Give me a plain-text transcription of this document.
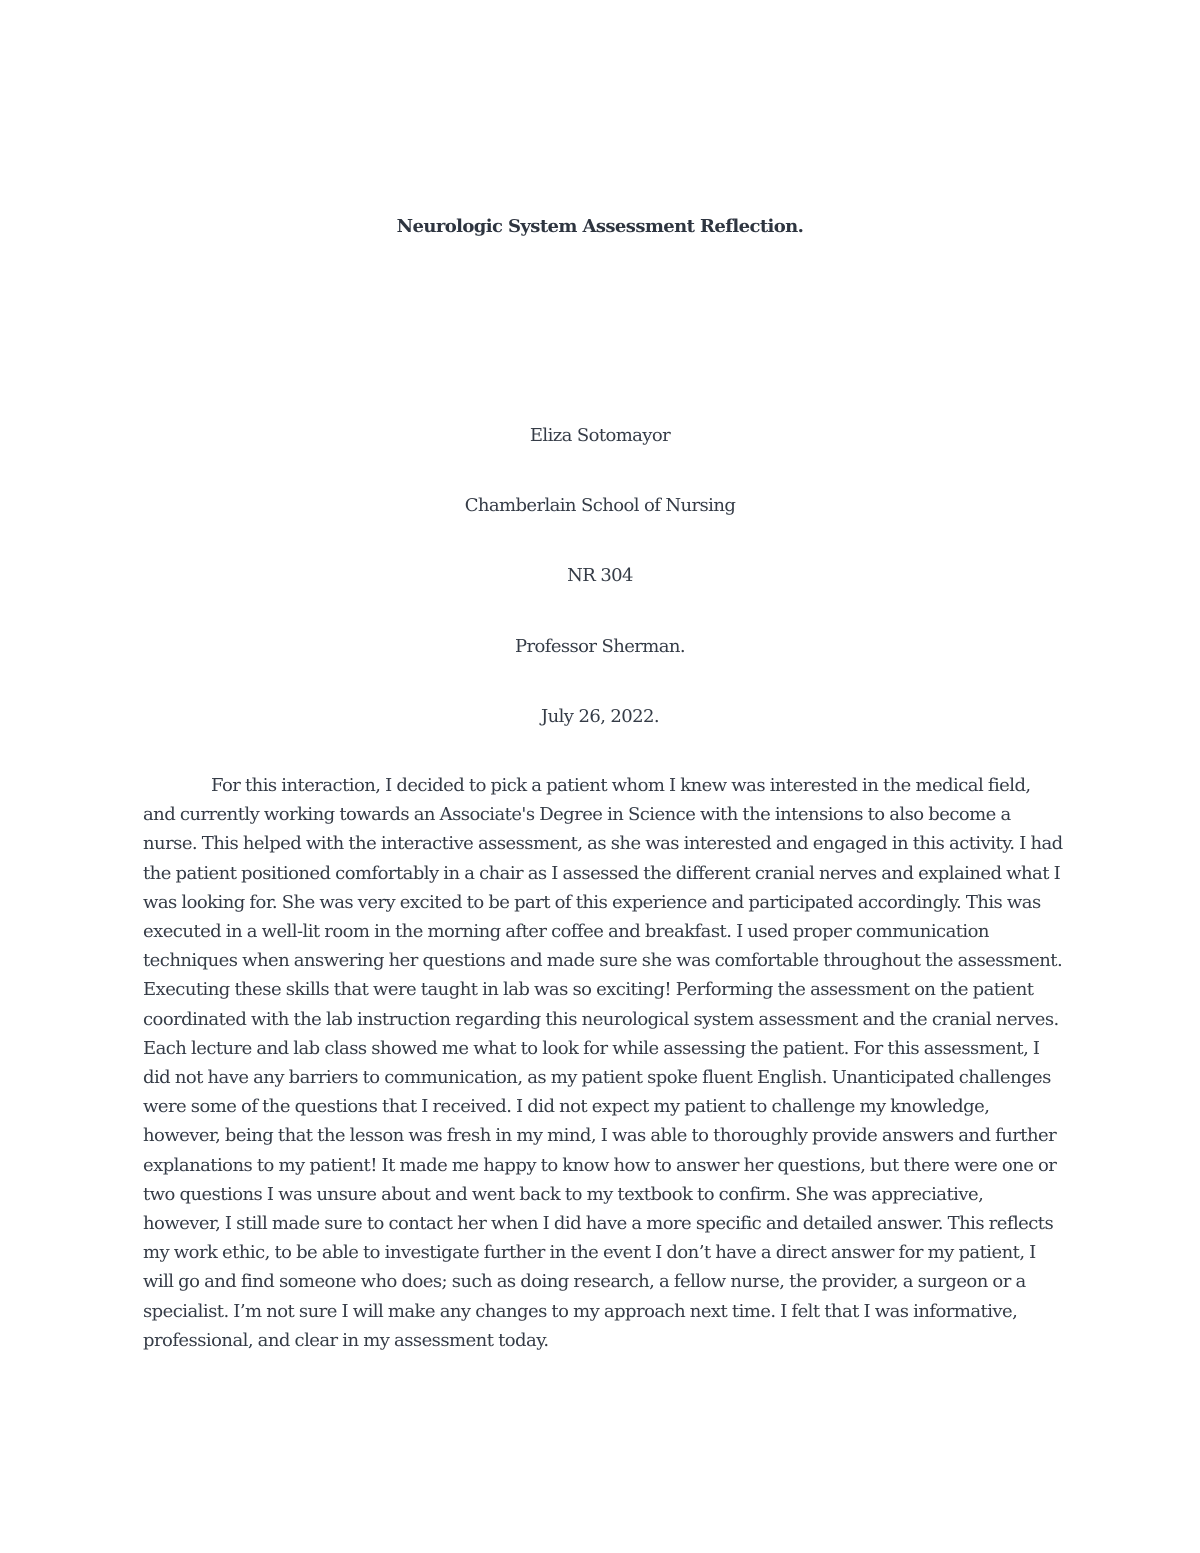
Neurologic System Assessment Reflection.

Eliza Sotomayor

Chamberlain School of Nursing

NR 304

Professor Sherman.

July 26, 2022.

For this interaction, I decided to pick a patient whom I knew was interested in the medical field, and currently working towards an Associate's Degree in Science with the intensions to also become a nurse. This helped with the interactive assessment, as she was interested and engaged in this activity. I had the patient positioned comfortably in a chair as I assessed the different cranial nerves and explained what I was looking for. She was very excited to be part of this experience and participated accordingly. This was executed in a well-lit room in the morning after coffee and breakfast. I used proper communication techniques when answering her questions and made sure she was comfortable throughout the assessment. Executing these skills that were taught in lab was so exciting! Performing the assessment on the patient coordinated with the lab instruction regarding this neurological system assessment and the cranial nerves. Each lecture and lab class showed me what to look for while assessing the patient. For this assessment, I did not have any barriers to communication, as my patient spoke fluent English. Unanticipated challenges were some of the questions that I received. I did not expect my patient to challenge my knowledge, however, being that the lesson was fresh in my mind, I was able to thoroughly provide answers and further explanations to my patient! It made me happy to know how to answer her questions, but there were one or two questions I was unsure about and went back to my textbook to confirm. She was appreciative, however, I still made sure to contact her when I did have a more specific and detailed answer. This reflects my work ethic, to be able to investigate further in the event I don’t have a direct answer for my patient, I will go and find someone who does; such as doing research, a fellow nurse, the provider, a surgeon or a specialist. I’m not sure I will make any changes to my approach next time. I felt that I was informative, professional, and clear in my assessment today.
